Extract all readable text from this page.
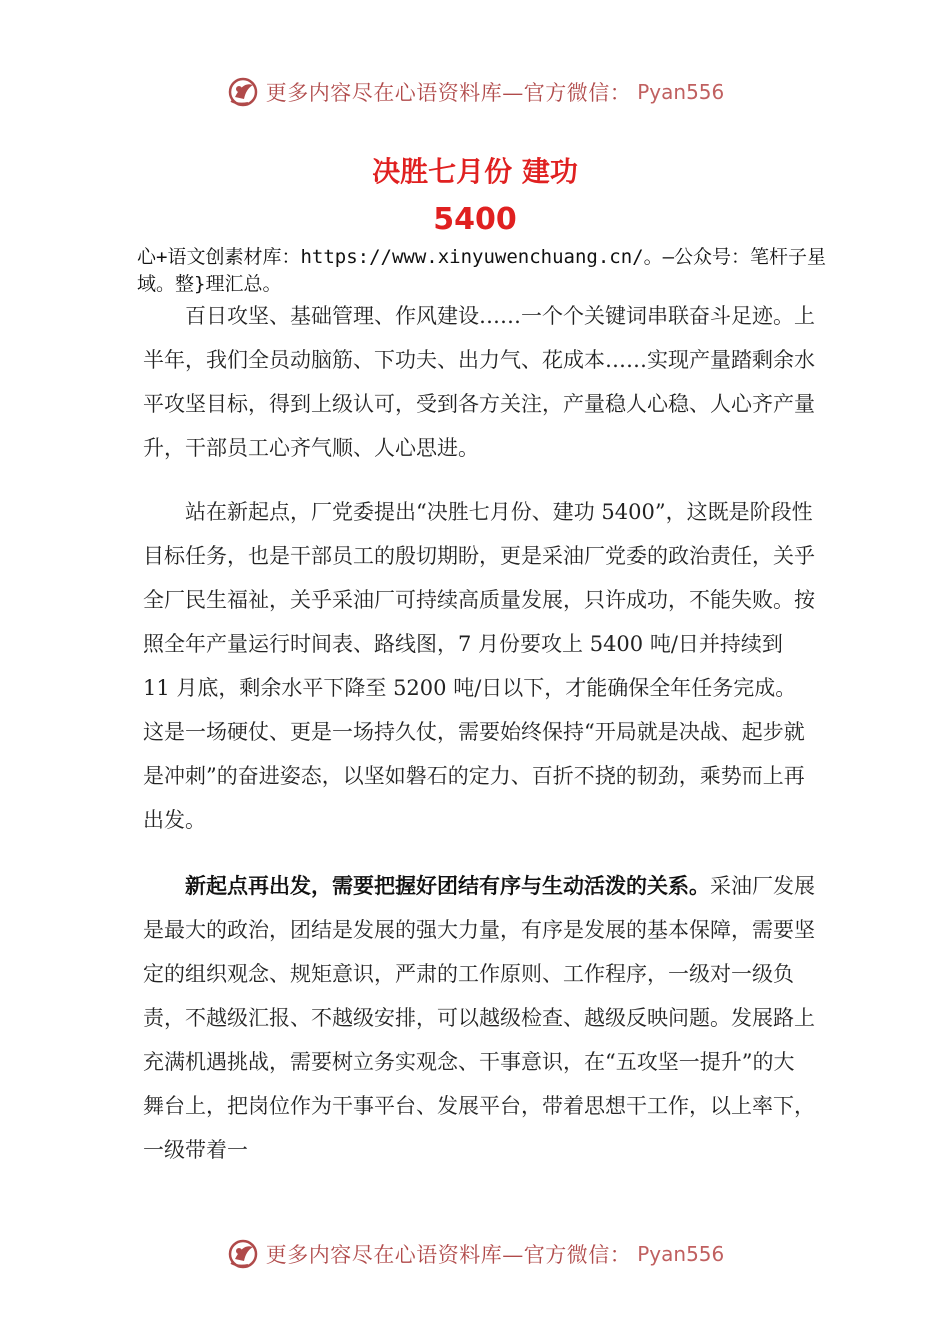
更多内容尽在心语资料库—官方微信： Pyan556
决胜七月份 建功
5400
心+语文创素材库：https://www.xinyuwenchuang.cn/。—公众号：笔杆子星域。整}理汇总。

百日攻坚、基础管理、作风建设……一个个关键词串联奋斗足迹。上半年，我们全员动脑筋、下功夫、出力气、花成本……实现产量踏剩余水平攻坚目标，得到上级认可，受到各方关注，产量稳人心稳、人心齐产量升，干部员工心齐气顺、人心思进。

站在新起点，厂党委提出“决胜七月份、建功 5400”，这既是阶段性目标任务，也是干部员工的殷切期盼，更是采油厂党委的政治责任，关乎全厂民生福祉，关乎采油厂可持续高质量发展，只许成功，不能失败。按照全年产量运行时间表、路线图，7 月份要攻上 5400 吨/日并持续到 11 月底，剩余水平下降至 5200 吨/日以下，才能确保全年任务完成。这是一场硬仗、更是一场持久仗，需要始终保持“开局就是决战、起步就是冲刺”的奋进姿态，以坚如磐石的定力、百折不挠的韧劲，乘势而上再出发。

新起点再出发，需要把握好团结有序与生动活泼的关系。采油厂发展是最大的政治，团结是发展的强大力量，有序是发展的基本保障，需要坚定的组织观念、规矩意识，严肃的工作原则、工作程序，一级对一级负责，不越级汇报、不越级安排，可以越级检查、越级反映问题。发展路上充满机遇挑战，需要树立务实观念、干事意识，在“五攻坚一提升”的大舞台上，把岗位作为干事平台、发展平台，带着思想干工作，以上率下，一级带着一

更多内容尽在心语资料库—官方微信： Pyan556
